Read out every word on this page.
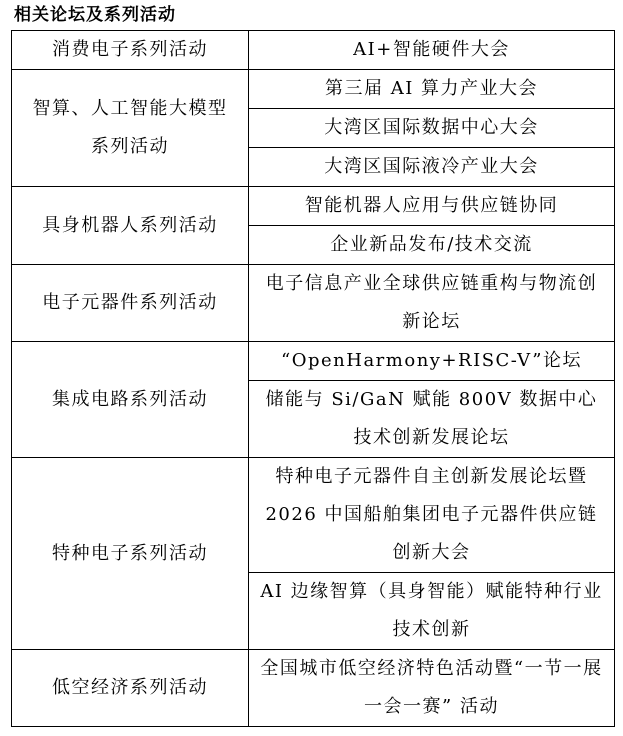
相关论坛及系列活动
消费电子系列活动	AI+智能硬件大会
智算、人工智能大模型系列活动	第三届 AI 算力产业大会
	大湾区国际数据中心大会
	大湾区国际液冷产业大会
具身机器人系列活动	智能机器人应用与供应链协同
	企业新品发布/技术交流
电子元器件系列活动	电子信息产业全球供应链重构与物流创新论坛
集成电路系列活动	“OpenHarmony+RISC-V”论坛
	储能与 Si/GaN 赋能 800V 数据中心技术创新发展论坛
特种电子系列活动	特种电子元器件自主创新发展论坛暨 2026 中国船舶集团电子元器件供应链创新大会
	AI 边缘智算（具身智能）赋能特种行业技术创新
低空经济系列活动	全国城市低空经济特色活动暨“一节一展一会一赛” 活动
